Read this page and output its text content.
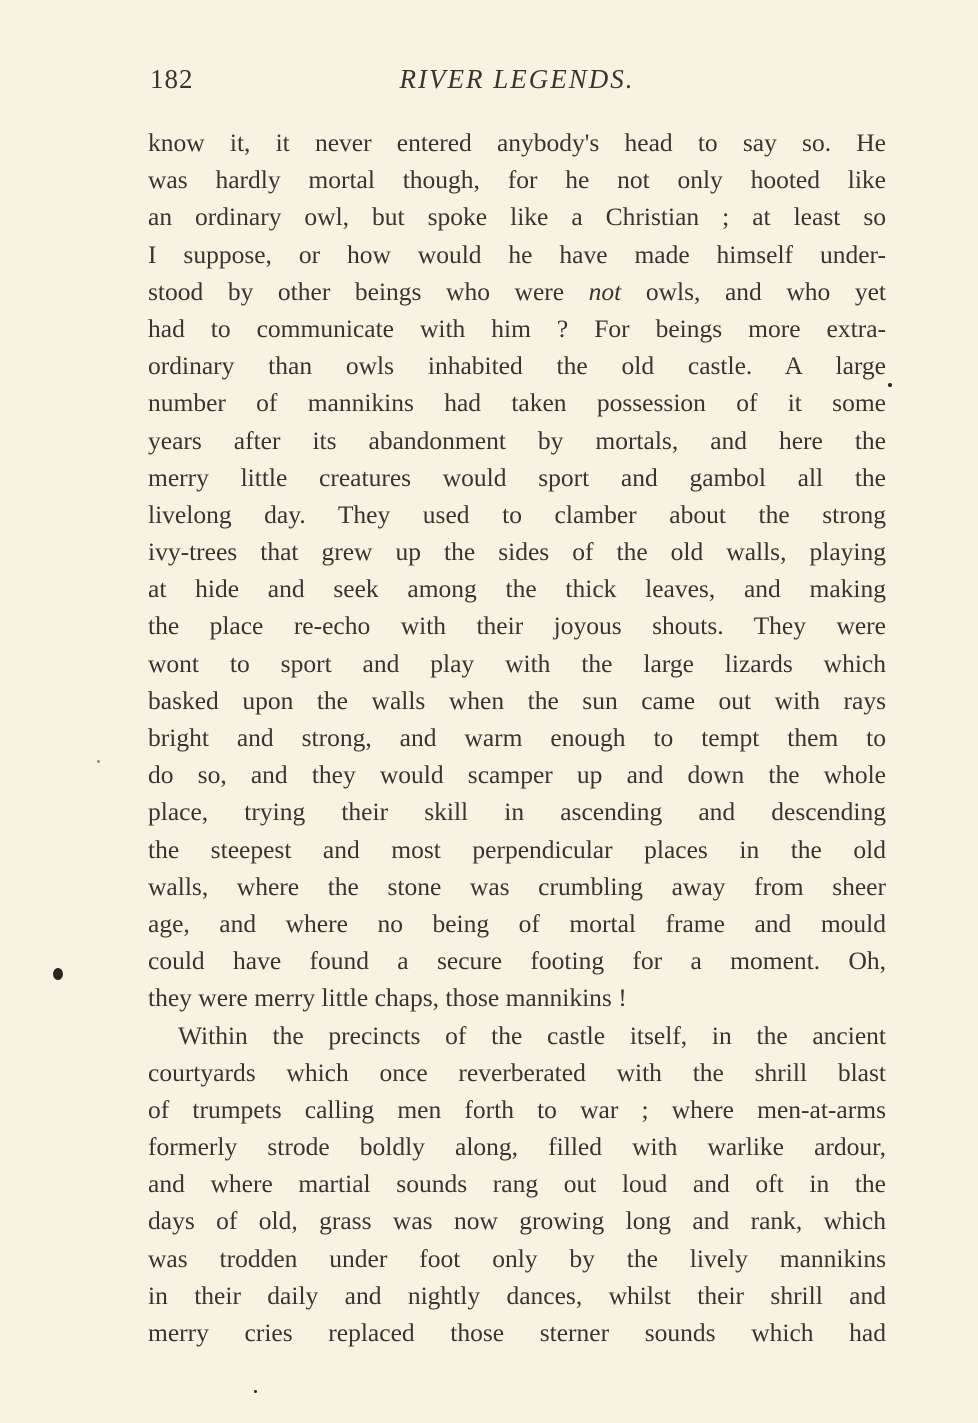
182	RIVER LEGENDS.
know it, it never entered anybody's head to say so. He
was hardly mortal though, for he not only hooted like
an ordinary owl, but spoke like a Christian ; at least so
I suppose, or how would he have made himself under-
stood by other beings who were not owls, and who yet
had to communicate with him ? For beings more extra-
ordinary than owls inhabited the old castle. A large
number of mannikins had taken possession of it some
years after its abandonment by mortals, and here the
merry little creatures would sport and gambol all the
livelong day. They used to clamber about the strong
ivy-trees that grew up the sides of the old walls, playing
at hide and seek among the thick leaves, and making
the place re-echo with their joyous shouts. They were
wont to sport and play with the large lizards which
basked upon the walls when the sun came out with rays
bright and strong, and warm enough to tempt them to
do so, and they would scamper up and down the whole
place, trying their skill in ascending and descending
the steepest and most perpendicular places in the old
walls, where the stone was crumbling away from sheer
age, and where no being of mortal frame and mould
could have found a secure footing for a moment. Oh,
they were merry little chaps, those mannikins !
Within the precincts of the castle itself, in the ancient
courtyards which once reverberated with the shrill blast
of trumpets calling men forth to war ; where men-at-arms
formerly strode boldly along, filled with warlike ardour,
and where martial sounds rang out loud and oft in the
days of old, grass was now growing long and rank, which
was trodden under foot only by the lively mannikins
in their daily and nightly dances, whilst their shrill and
merry cries replaced those sterner sounds which had
